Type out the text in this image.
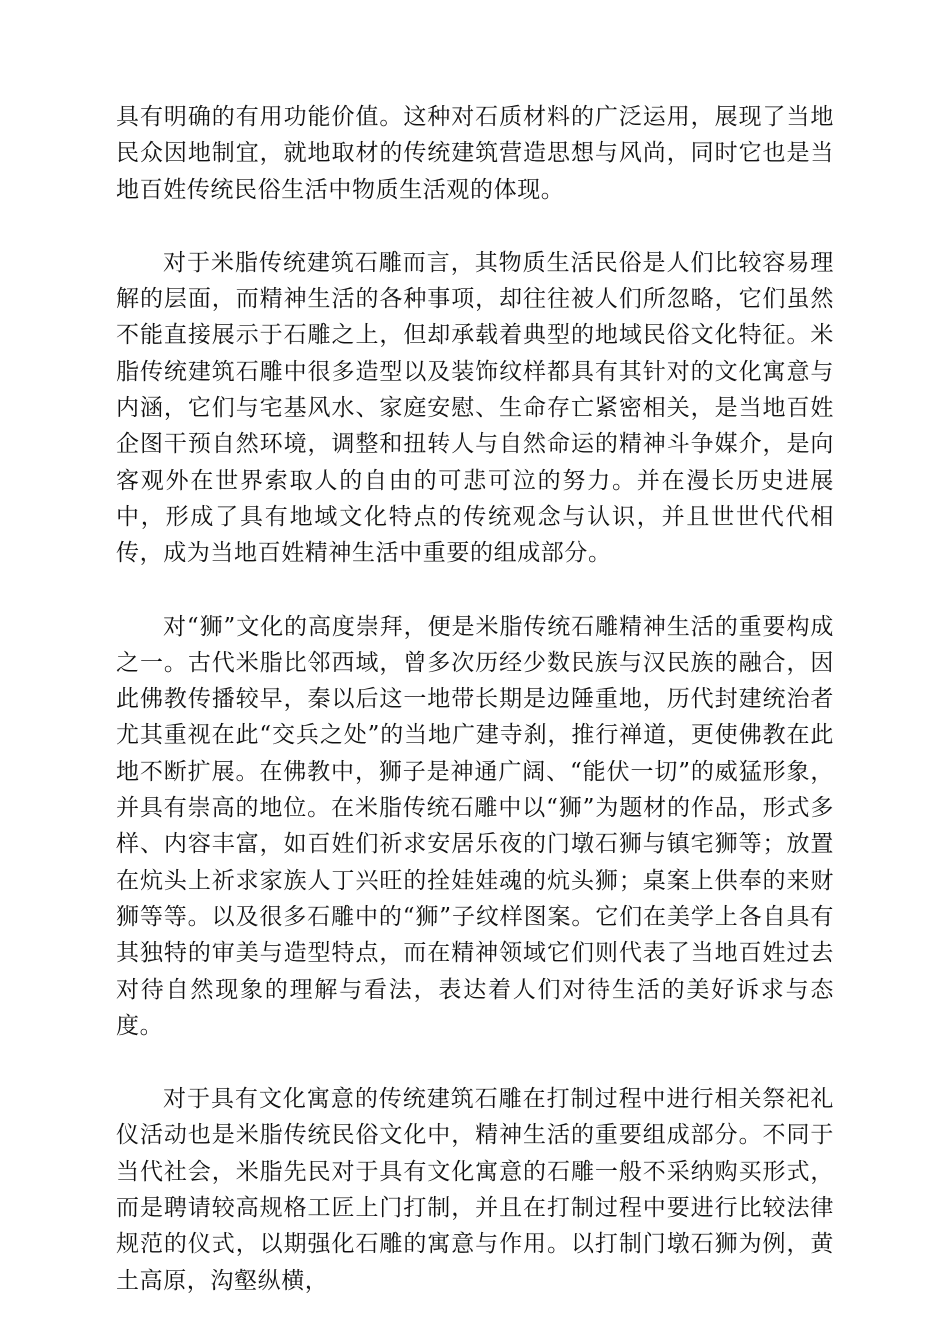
具有明确的有用功能价值。这种对石质材料的广泛运用，展现了当地民众因地制宜，就地取材的传统建筑营造思想与风尚，同时它也是当地百姓传统民俗生活中物质生活观的体现。

对于米脂传统建筑石雕而言，其物质生活民俗是人们比较容易理解的层面，而精神生活的各种事项，却往往被人们所忽略，它们虽然不能直接展示于石雕之上，但却承载着典型的地域民俗文化特征。米脂传统建筑石雕中很多造型以及装饰纹样都具有其针对的文化寓意与内涵，它们与宅基风水、家庭安慰、生命存亡紧密相关，是当地百姓企图干预自然环境，调整和扭转人与自然命运的精神斗争媒介，是向客观外在世界索取人的自由的可悲可泣的努力。并在漫长历史进展中，形成了具有地域文化特点的传统观念与认识，并且世世代代相传，成为当地百姓精神生活中重要的组成部分。

对“狮”文化的高度崇拜，便是米脂传统石雕精神生活的重要构成之一。古代米脂比邻西域，曾多次历经少数民族与汉民族的融合，因此佛教传播较早，秦以后这一地带长期是边陲重地，历代封建统治者尤其重视在此“交兵之处”的当地广建寺刹，推行禅道，更使佛教在此地不断扩展。在佛教中，狮子是神通广阔、“能伏一切”的威猛形象，并具有崇高的地位。在米脂传统石雕中以“狮”为题材的作品，形式多样、内容丰富，如百姓们祈求安居乐夜的门墩石狮与镇宅狮等；放置在炕头上祈求家族人丁兴旺的拴娃娃魂的炕头狮；桌案上供奉的来财狮等等。以及很多石雕中的“狮”子纹样图案。它们在美学上各自具有其独特的审美与造型特点，而在精神领域它们则代表了当地百姓过去对待自然现象的理解与看法，表达着人们对待生活的美好诉求与态度。

对于具有文化寓意的传统建筑石雕在打制过程中进行相关祭祀礼仪活动也是米脂传统民俗文化中，精神生活的重要组成部分。不同于当代社会，米脂先民对于具有文化寓意的石雕一般不采纳购买形式，而是聘请较高规格工匠上门打制，并且在打制过程中要进行比较法律规范的仪式，以期强化石雕的寓意与作用。以打制门墩石狮为例，黄土高原，沟壑纵横，
